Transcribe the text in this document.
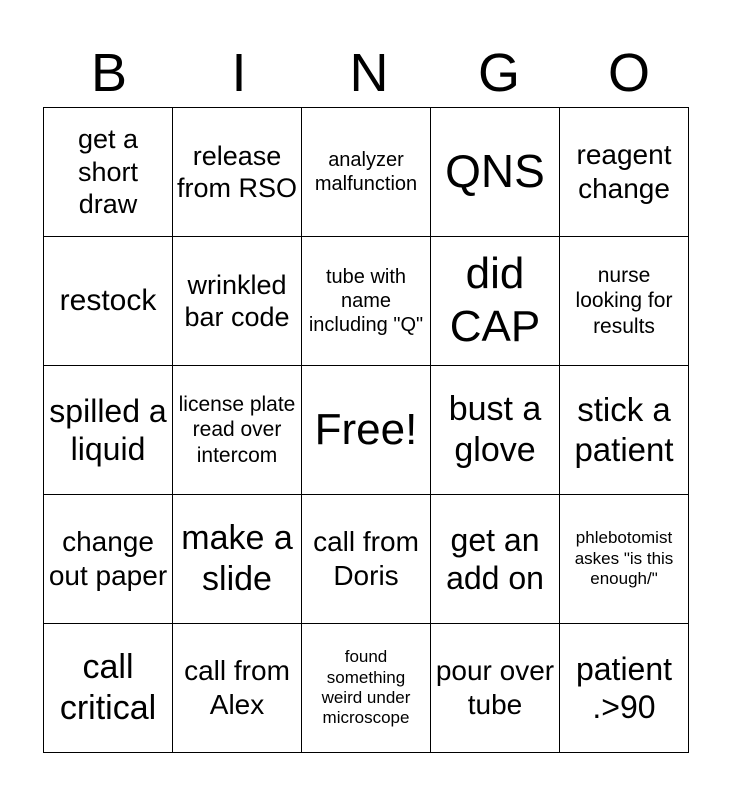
B	I	N	G	O
get a short draw	release from RSO	analyzer malfunction	QNS	reagent change
restock	wrinkled bar code	tube with name including "Q"	did CAP	nurse looking for results
spilled a liquid	license plate read over intercom	Free!	bust a glove	stick a patient
change out paper	make a slide	call from Doris	get an add on	phlebotomist askes "is this enough/"
call critical	call from Alex	found something weird under microscope	pour over tube	patient .>90
